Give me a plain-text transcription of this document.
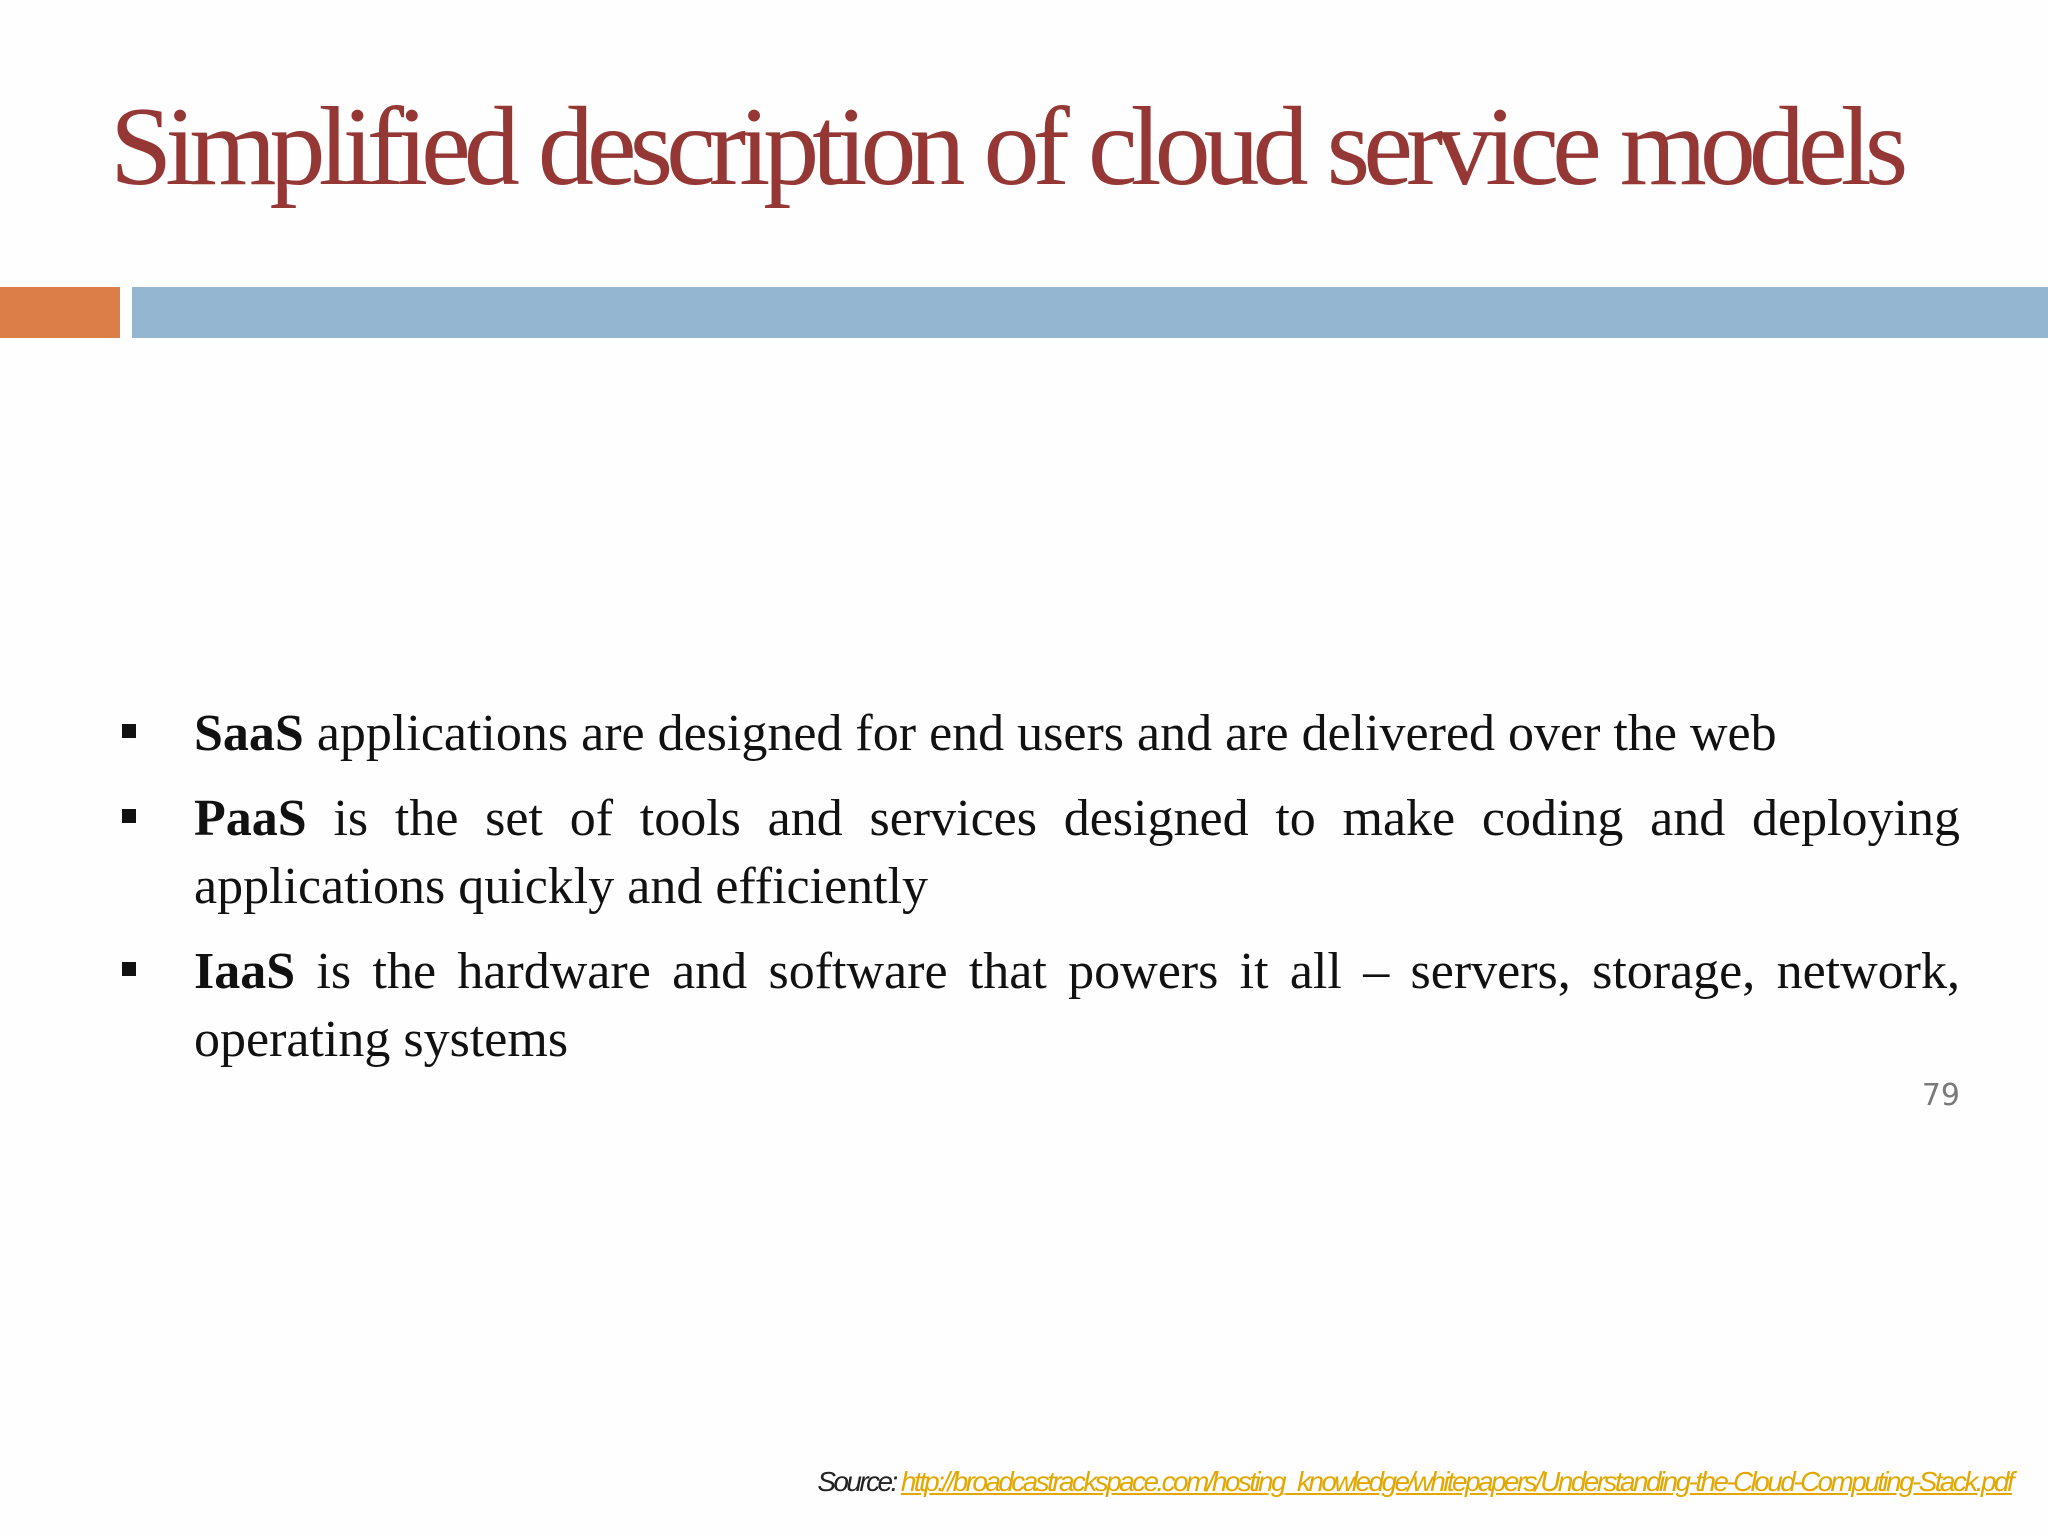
Simplified description of cloud service models
SaaS applications are designed for end users and are delivered over the web
PaaS is the set of tools and services designed to make coding and deploying applications quickly and efficiently
IaaS is the hardware and software that powers it all – servers, storage, network, operating systems
79
Source: http://broadcastrackspace.com/hosting_knowledge/whitepapers/Understanding-the-Cloud-Computing-Stack.pdf
